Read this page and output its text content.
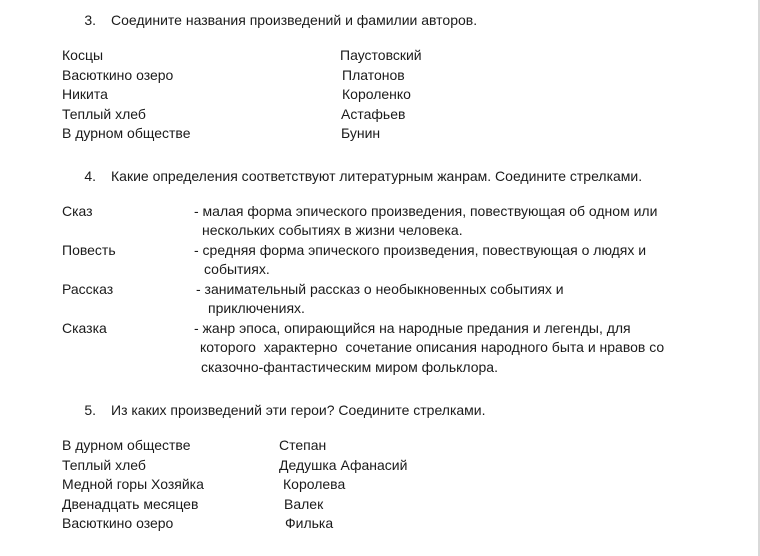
3. Соедините названия произведений и фамилии авторов.
Косцы
Васюткино озеро
Никита
Теплый хлеб
В дурном обществе
Паустовский
Платонов
Короленко
Астафьев
Бунин
4. Какие определения соответствуют литературным жанрам. Соедините стрелками.
Сказ
Повесть
Рассказ
Сказка
- малая форма эпического произведения, повествующая об одном или
нескольких событиях в жизни человека.
- средняя форма эпического произведения, повествующая о людях и
событиях.
- занимательный рассказ о необыкновенных событиях и
приключениях.
- жанр эпоса, опирающийся на народные предания и легенды, для
которого  характерно  сочетание описания народного быта и нравов со
сказочно-фантастическим миром фольклора.
5. Из каких произведений эти герои? Соедините стрелками.
В дурном обществе
Теплый хлеб
Медной горы Хозяйка
Двенадцать месяцев
Васюткино озеро
Степан
Дедушка Афанасий
Королева
Валек
Филька
